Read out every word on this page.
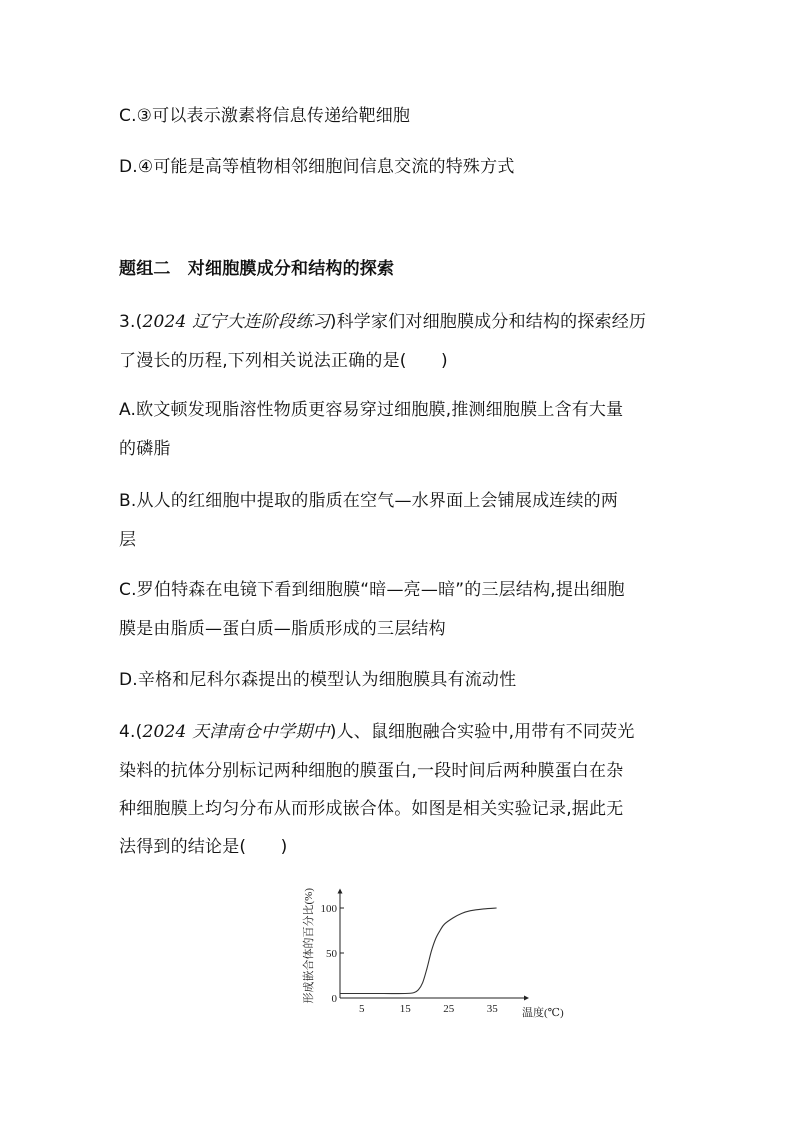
C.③可以表示激素将信息传递给靶细胞
D.④可能是高等植物相邻细胞间信息交流的特殊方式
题组二　对细胞膜成分和结构的探索
3.(2024 辽宁大连阶段练习)科学家们对细胞膜成分和结构的探索经历
了漫长的历程,下列相关说法正确的是(　　)
A.欧文顿发现脂溶性物质更容易穿过细胞膜,推测细胞膜上含有大量
的磷脂
B.从人的红细胞中提取的脂质在空气—水界面上会铺展成连续的两
层
C.罗伯特森在电镜下看到细胞膜“暗—亮—暗”的三层结构,提出细胞
膜是由脂质—蛋白质—脂质形成的三层结构
D.辛格和尼科尔森提出的模型认为细胞膜具有流动性
4.(2024 天津南仓中学期中)人、鼠细胞融合实验中,用带有不同荧光
染料的抗体分别标记两种细胞的膜蛋白,一段时间后两种膜蛋白在杂
种细胞膜上均匀分布从而形成嵌合体。如图是相关实验记录,据此无
法得到的结论是(　　)
5	15	25	35
0
50
100
温度(℃)
形成嵌合体的百分比(%)
